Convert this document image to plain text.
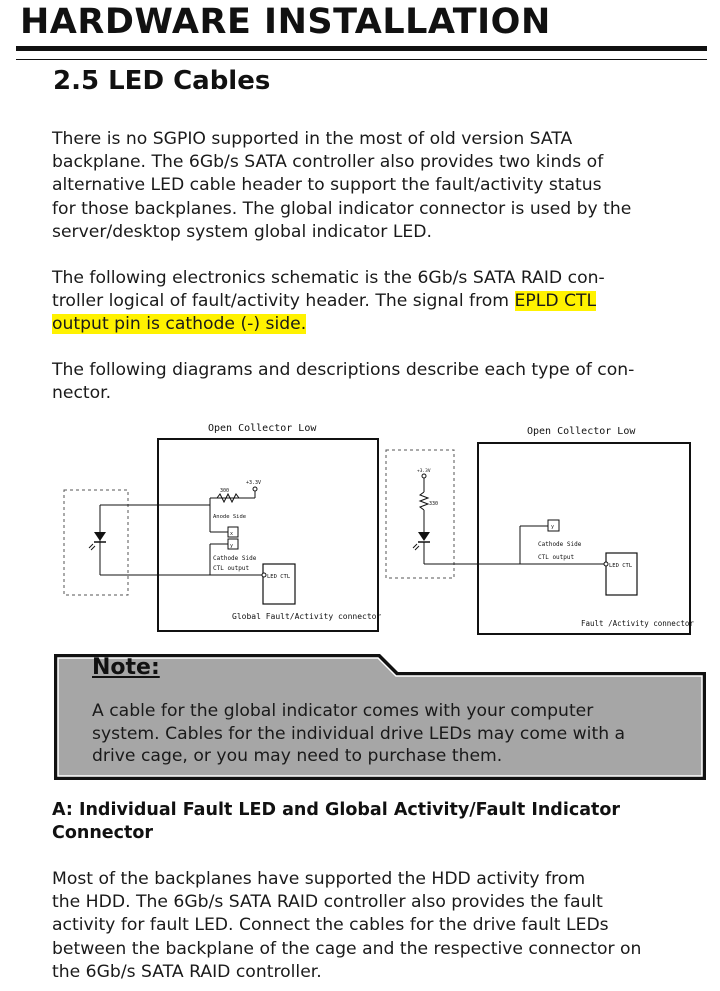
HARDWARE INSTALLATION
2.5 LED Cables

There is no SGPIO supported in the most of old version SATA
backplane. The 6Gb/s SATA controller also provides two kinds of
alternative LED cable header to support the fault/activity status
for those backplanes. The global indicator connector is used by the
server/desktop system global indicator LED.

The following electronics schematic is the 6Gb/s SATA RAID con-
troller logical of fault/activity header. The signal from EPLD CTL
output pin is cathode (-) side.

The following diagrams and descriptions describe each type of con-
nector.

Open Collector Low
+3.3V
300
Anode Side
x
y
Cathode Side
CTL output
LED CTL
Global Fault/Activity connector
Open Collector Low
+3.3V
330
y
Cathode Side
CTL output
LED CTL
Fault /Activity connector
Note:

A cable for the global indicator comes with your computer
system. Cables for the individual drive LEDs may come with a
drive cage, or you may need to purchase them.

A: Individual Fault LED and Global Activity/Fault Indicator
Connector

Most of the backplanes have supported the HDD activity from
the HDD. The 6Gb/s SATA RAID controller also provides the fault
activity for fault LED. Connect the cables for the drive fault LEDs
between the backplane of the cage and the respective connector on
the 6Gb/s SATA RAID controller.
